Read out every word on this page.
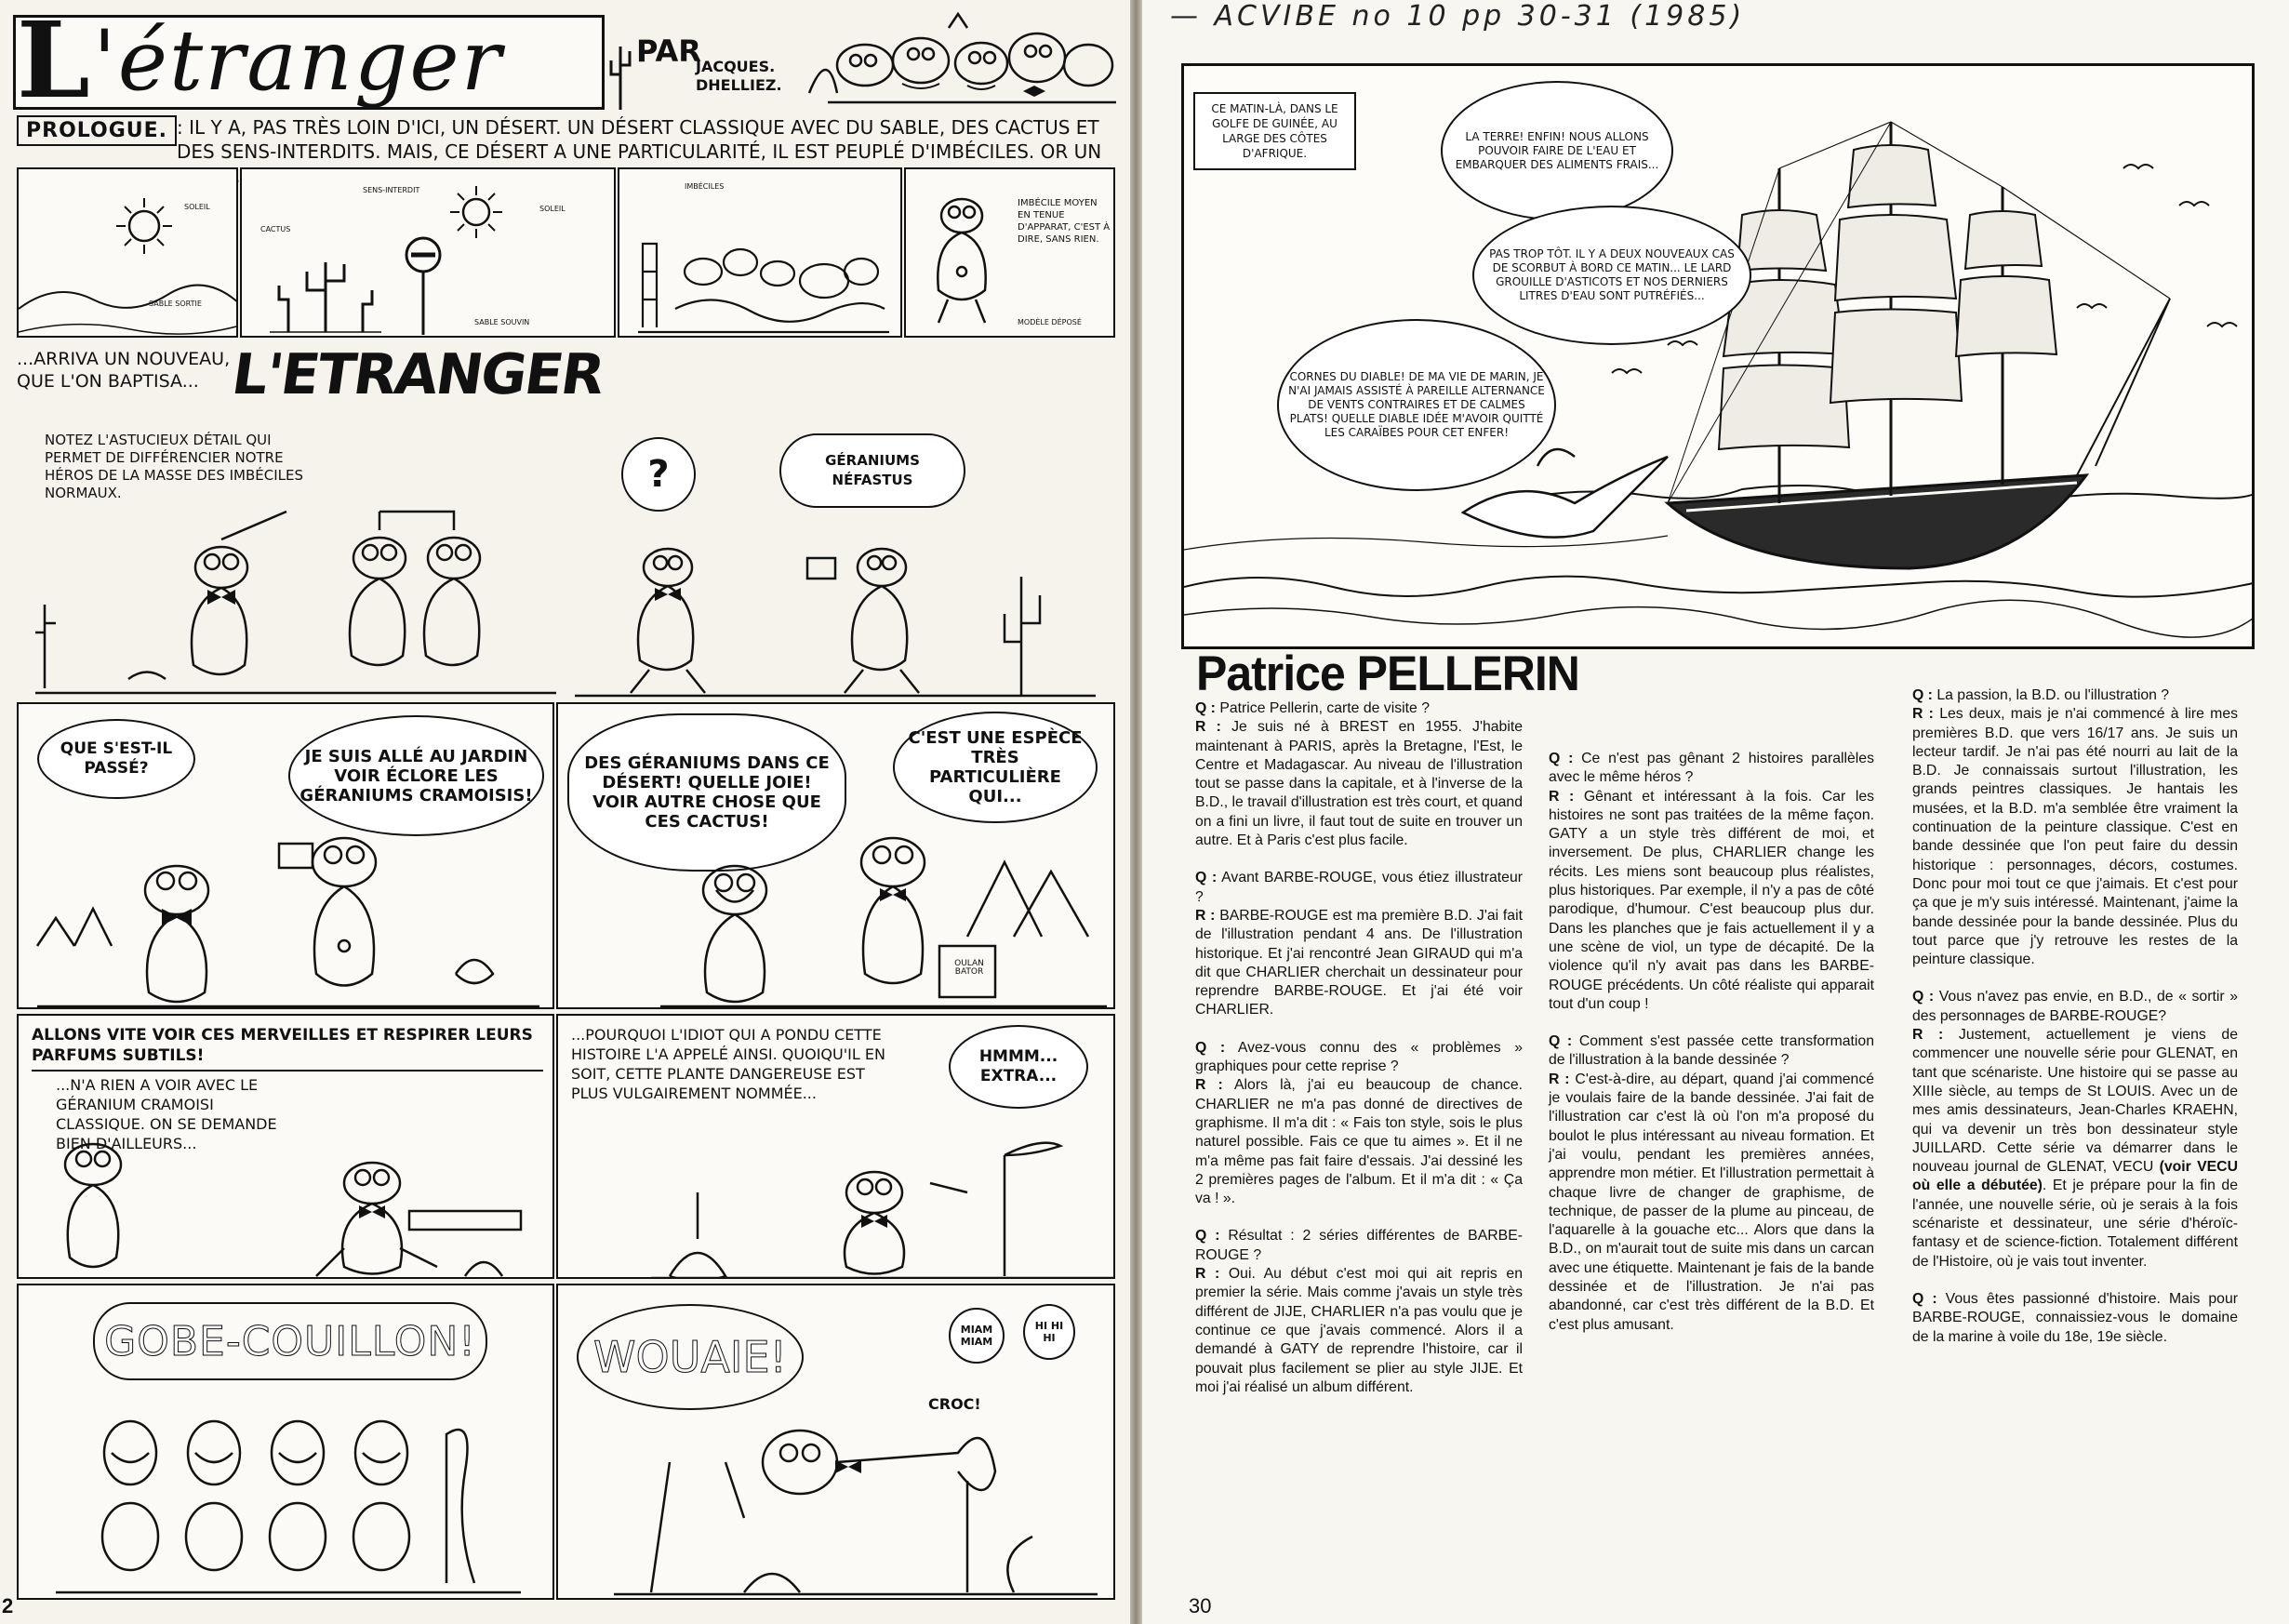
L 'étranger	PAR
JACQUES. DHELLIEZ.
PROLOGUE. : IL Y A, PAS TRÈS LOIN D'ICI, UN DÉSERT. UN DÉSERT CLASSIQUE AVEC DU SABLE, DES CACTUS ET DES SENS-INTERDITS. MAIS, CE DÉSERT A UNE PARTICULARITÉ, IL EST PEUPLÉ D'IMBÉCILES. OR UN
SOLEIL
SABLE SORTIE
SENS-INTERDIT
SOLEIL
CACTUS
SABLE SOUVIN
IMBÉCILES
IMBÉCILE MOYEN EN TENUE D'APPARAT, C'EST À DIRE, SANS RIEN.
MODÈLE DÉPOSÉ
...ARRIVA UN NOUVEAU, QUE L'ON BAPTISA... L'ETRANGER
NOTEZ L'ASTUCIEUX DÉTAIL QUI PERMET DE DIFFÉRENCIER NOTRE HÉROS DE LA MASSE DES IMBÉCILES NORMAUX.	?	GÉRANIUMS NÉFASTUS
QUE S'EST-IL PASSÉ?
JE SUIS ALLÉ AU JARDIN VOIR ÉCLORE LES GÉRANIUMS CRAMOISIS!
DES GÉRANIUMS DANS CE DÉSERT! QUELLE JOIE! VOIR AUTRE CHOSE QUE CES CACTUS!
C'EST UNE ESPÈCE TRÈS PARTICULIÈRE QUI...
OULAN BATOR
ALLONS VITE VOIR CES MERVEILLES ET RESPIRER LEURS PARFUMS SUBTILS!
...N'A RIEN A VOIR AVEC LE GÉRANIUM CRAMOISI CLASSIQUE. ON SE DEMANDE BIEN D'AILLEURS...
...POURQUOI L'IDIOT QUI A PONDU CETTE HISTOIRE L'A APPELÉ AINSI. QUOIQU'IL EN SOIT, CETTE PLANTE DANGEREUSE EST PLUS VULGAIREMENT NOMMÉE...
HMMM... EXTRA...
GOBE-COUILLON!	WOUAIE!
MIAM MIAM
HI HI HI
CROC!
2
— ACVIBE no 10 pp 30-31 (1985)
CE MATIN-LÀ, DANS LE GOLFE DE GUINÉE, AU LARGE DES CÔTES D'AFRIQUE.
LA TERRE! ENFIN! NOUS ALLONS POUVOIR FAIRE DE L'EAU ET EMBARQUER DES ALIMENTS FRAIS...
PAS TROP TÔT. IL Y A DEUX NOUVEAUX CAS DE SCORBUT À BORD CE MATIN... LE LARD GROUILLE D'ASTICOTS ET NOS DERNIERS LITRES D'EAU SONT PUTRÉFIÉS...
CORNES DU DIABLE! DE MA VIE DE MARIN, JE N'AI JAMAIS ASSISTÉ À PAREILLE ALTERNANCE DE VENTS CONTRAIRES ET DE CALMES PLATS! QUELLE DIABLE IDÉE M'AVOIR QUITTÉ LES CARAÏBES POUR CET ENFER!
Patrice PELLERIN

Q : Patrice Pellerin, carte de visite ?
R : Je suis né à BREST en 1955. J'habite maintenant à PARIS, après la Bretagne, l'Est, le Centre et Madagascar. Au niveau de l'illustration tout se passe dans la capitale, et à l'inverse de la B.D., le travail d'illustration est très court, et quand on a fini un livre, il faut tout de suite en trouver un autre. Et à Paris c'est plus facile.

Q : Avant BARBE-ROUGE, vous étiez illustrateur ?
R : BARBE-ROUGE est ma première B.D. J'ai fait de l'illustration pendant 4 ans. De l'illustration historique. Et j'ai rencontré Jean GIRAUD qui m'a dit que CHARLIER cherchait un dessinateur pour reprendre BARBE-ROUGE. Et j'ai été voir CHARLIER.

Q : Avez-vous connu des « problèmes » graphiques pour cette reprise ?
R : Alors là, j'ai eu beaucoup de chance. CHARLIER ne m'a pas donné de directives de graphisme. Il m'a dit : « Fais ton style, sois le plus naturel possible. Fais ce que tu aimes ». Et il ne m'a même pas fait faire d'essais. J'ai dessiné les 2 premières pages de l'album. Et il m'a dit : « Ça va ! ».

Q : Résultat : 2 séries différentes de BARBE-ROUGE ?
R : Oui. Au début c'est moi qui ait repris en premier la série. Mais comme j'avais un style très différent de JIJE, CHARLIER n'a pas voulu que je continue ce que j'avais commencé. Alors il a demandé à GATY de reprendre l'histoire, car il pouvait plus facilement se plier au style JIJE. Et moi j'ai réalisé un album différent.

Q : Ce n'est pas gênant 2 histoires parallèles avec le même héros ?
R : Gênant et intéressant à la fois. Car les histoires ne sont pas traitées de la même façon. GATY a un style très différent de moi, et inversement. De plus, CHARLIER change les récits. Les miens sont beaucoup plus réalistes, plus historiques. Par exemple, il n'y a pas de côté parodique, d'humour. C'est beaucoup plus dur. Dans les planches que je fais actuellement il y a une scène de viol, un type de décapité. De la violence qu'il n'y avait pas dans les BARBE-ROUGE précédents. Un côté réaliste qui apparait tout d'un coup !

Q : Comment s'est passée cette transformation de l'illustration à la bande dessinée ?
R : C'est-à-dire, au départ, quand j'ai commencé je voulais faire de la bande dessinée. J'ai fait de l'illustration car c'est là où l'on m'a proposé du boulot le plus intéressant au niveau formation. Et j'ai voulu, pendant les premières années, apprendre mon métier. Et l'illustration permettait à chaque livre de changer de graphisme, de technique, de passer de la plume au pinceau, de l'aquarelle à la gouache etc... Alors que dans la B.D., on m'aurait tout de suite mis dans un carcan avec une étiquette. Maintenant je fais de la bande dessinée et de l'illustration. Je n'ai pas abandonné, car c'est très différent de la B.D. Et c'est plus amusant.

Q : La passion, la B.D. ou l'illustration ?
R : Les deux, mais je n'ai commencé à lire mes premières B.D. que vers 16/17 ans. Je suis un lecteur tardif. Je n'ai pas été nourri au lait de la B.D. Je connaissais surtout l'illustration, les grands peintres classiques. Je hantais les musées, et la B.D. m'a semblée être vraiment la continuation de la peinture classique. C'est en bande dessinée que l'on peut faire du dessin historique : personnages, décors, costumes. Donc pour moi tout ce que j'aimais. Et c'est pour ça que je m'y suis intéressé. Maintenant, j'aime la bande dessinée pour la bande dessinée. Plus du tout parce que j'y retrouve les restes de la peinture classique.

Q : Vous n'avez pas envie, en B.D., de « sortir » des personnages de BARBE-ROUGE?
R : Justement, actuellement je viens de commencer une nouvelle série pour GLENAT, en tant que scénariste. Une histoire qui se passe au XIIIe siècle, au temps de St LOUIS. Avec un de mes amis dessinateurs, Jean-Charles KRAEHN, qui va devenir un très bon dessinateur style JUILLARD. Cette série va démarrer dans le nouveau journal de GLENAT, VECU (voir VECU où elle a débutée). Et je prépare pour la fin de l'année, une nouvelle série, où je serais à la fois scénariste et dessinateur, une série d'héroïc-fantasy et de science-fiction. Totalement différent de l'Histoire, où je vais tout inventer.

Q : Vous êtes passionné d'histoire. Mais pour BARBE-ROUGE, connaissiez-vous le domaine de la marine à voile du 18e, 19e siècle.

30
